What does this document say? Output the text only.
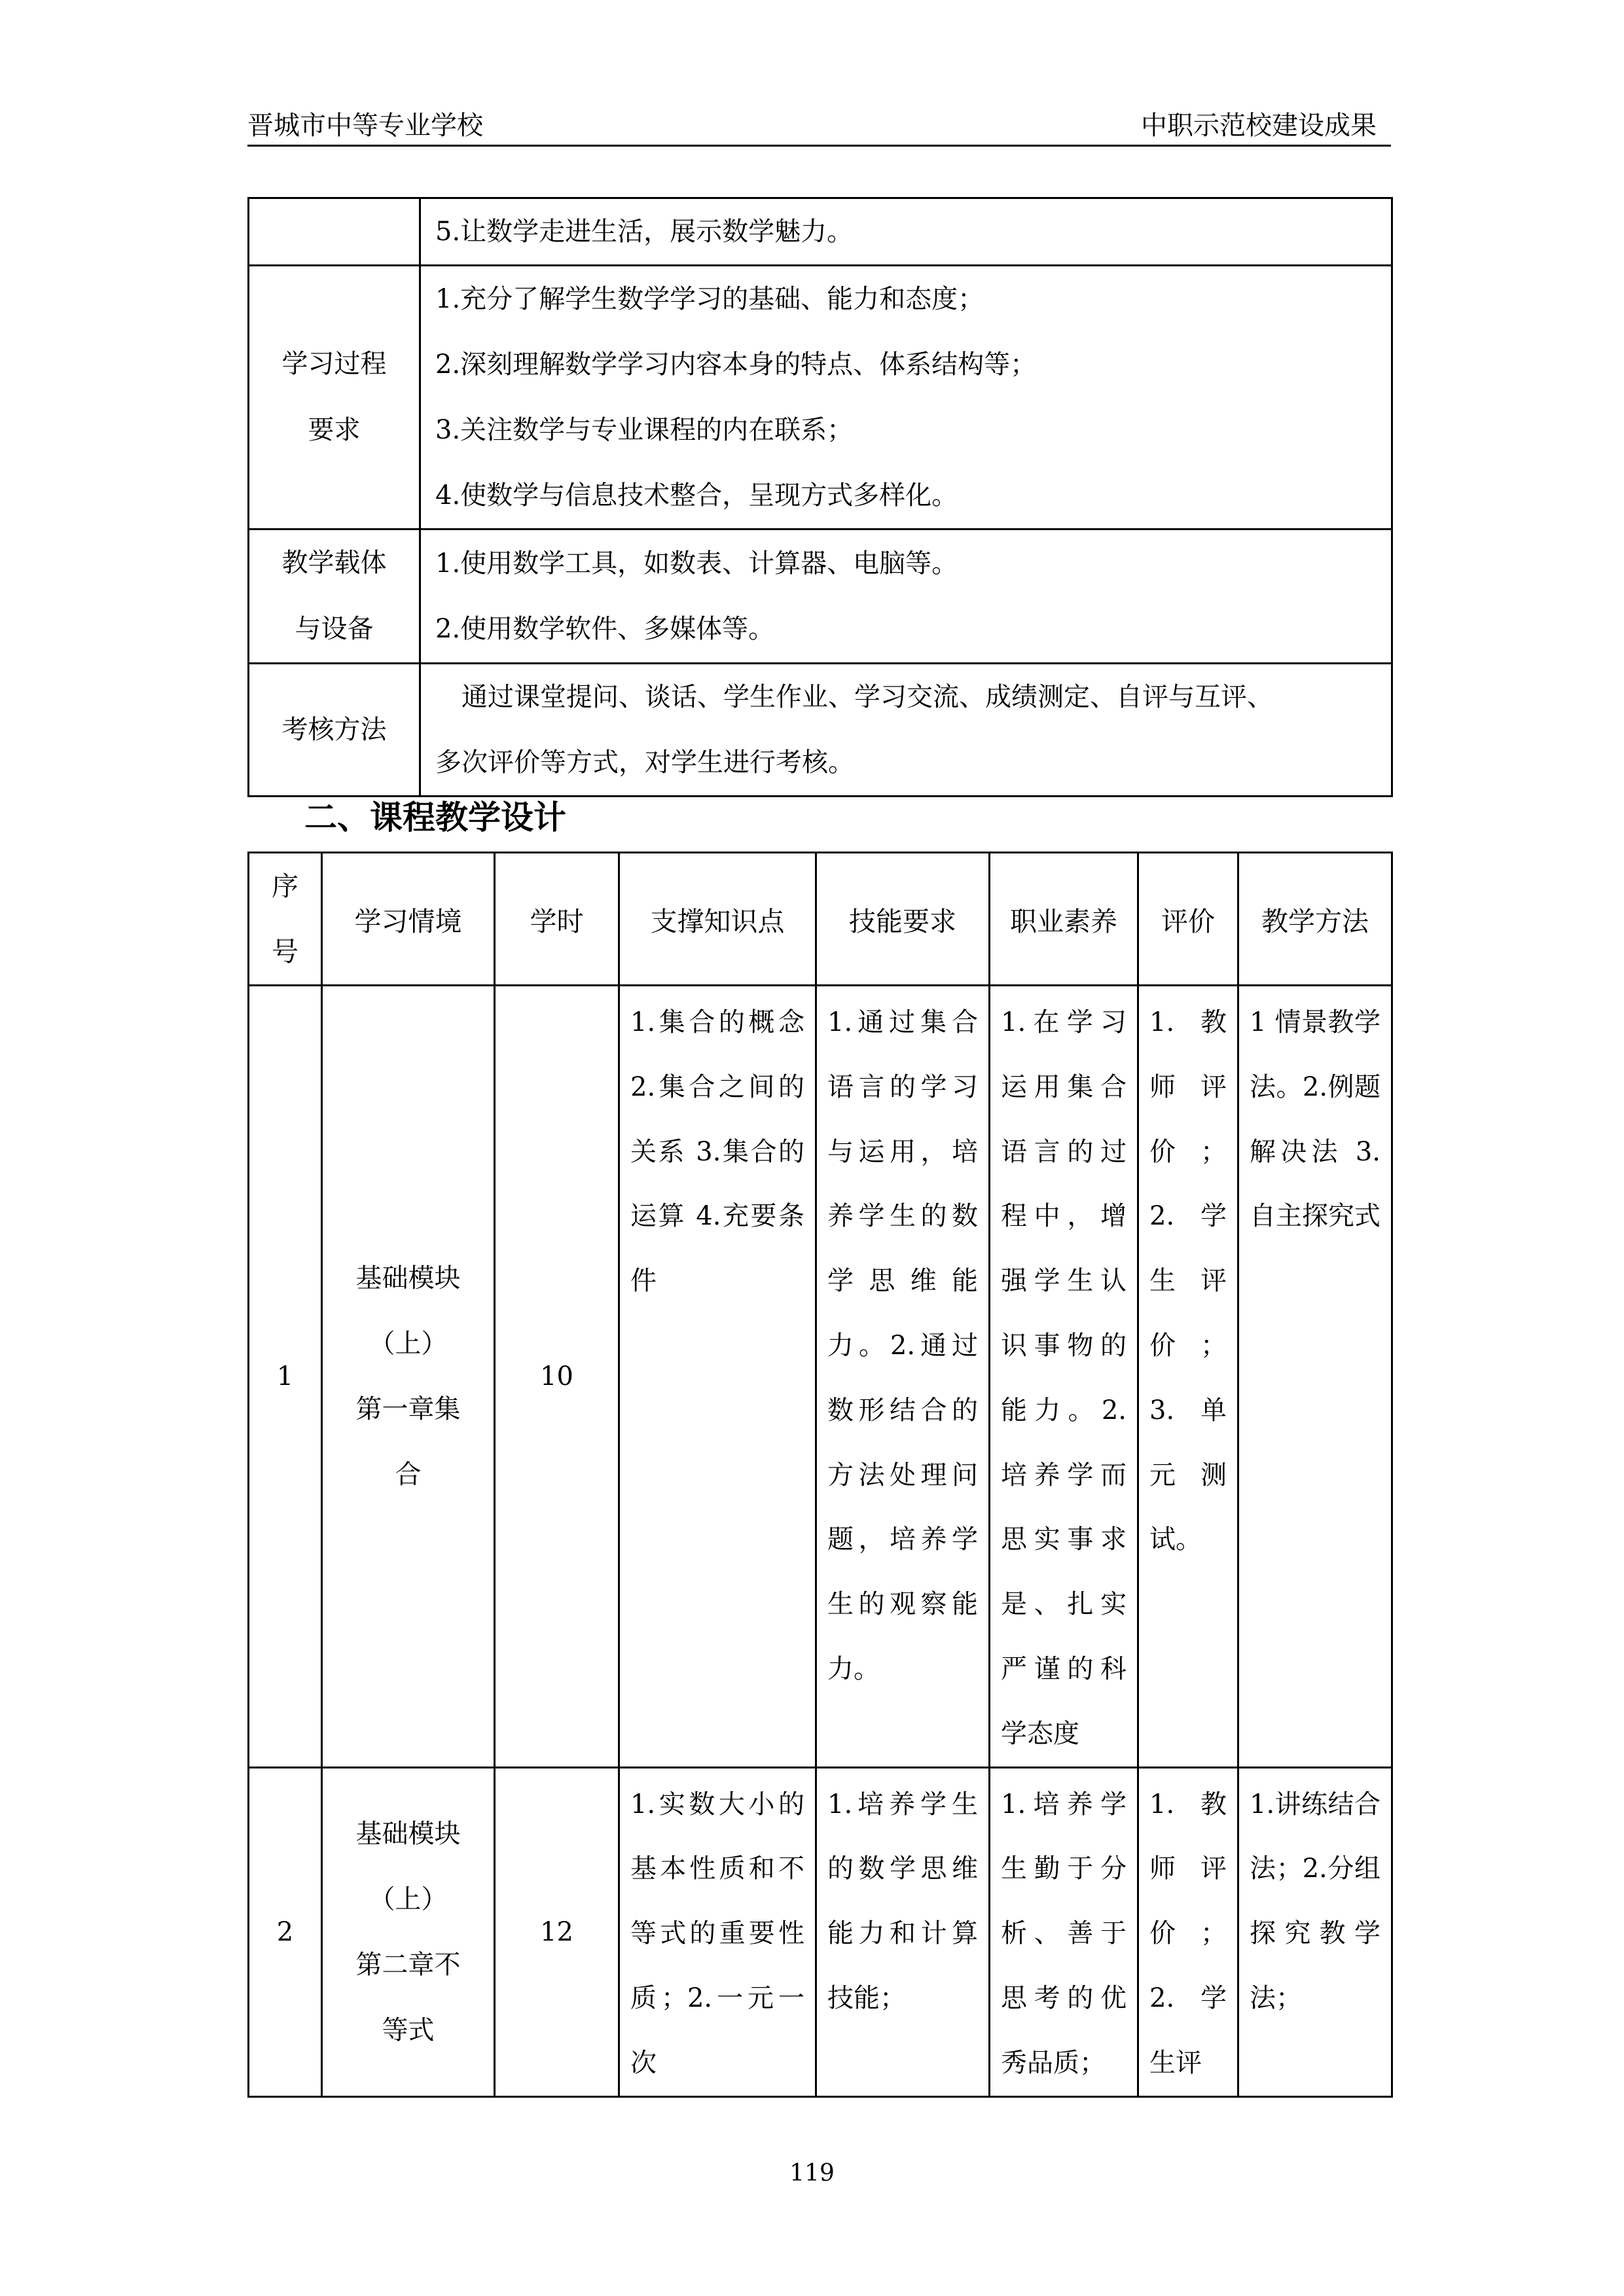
晋城市中等专业学校	中职示范校建设成果

	5.让数学走进生活，展示数学魅力。

学习过程
要求	1.充分了解学生数学学习的基础、能力和态度；
2.深刻理解数学学习内容本身的特点、体系结构等；
3.关注数学与专业课程的内在联系；
4.使数学与信息技术整合，呈现方式多样化。

教学载体
与设备	1.使用数学工具，如数表、计算器、电脑等。
2.使用数学软件、多媒体等。

考核方法	通过课堂提问、谈话、学生作业、学习交流、成绩测定、自评与互评、
多次评价等方式，对学生进行考核。
二、课程教学设计
序
号	学习情境	学时	支撑知识点	技能要求	职业素养	评价	教学方法
1	基础模块
（上）
第一章集
合	10	1.集合的概念 2.集合之间的关系 3.集合的运算 4.充要条件	1.通过集合语言的学习与运用，培养学生的数学思维能力。2.通过数形结合的方法处理问题，培养学生的观察能力。	1.在学习运用集合语言的过程中，增强学生认识事物的能力。2.培养学而思实事求是、扎实严谨的科学态度	1.教师评价；2.学生评价；3.单元测试。	1 情景教学法。2.例题解决法 3.自主探究式
2	基础模块
（上）
第二章不
等式	12	1.实数大小的基本性质和不等式的重要性质；2.一元一次	1.培养学生的数学思维能力和计算技能；	1.培养学生勤于分析、善于思考的优秀品质；	1.教师评价；2.学生评	1.讲练结合法；2.分组探究教学法；
119
